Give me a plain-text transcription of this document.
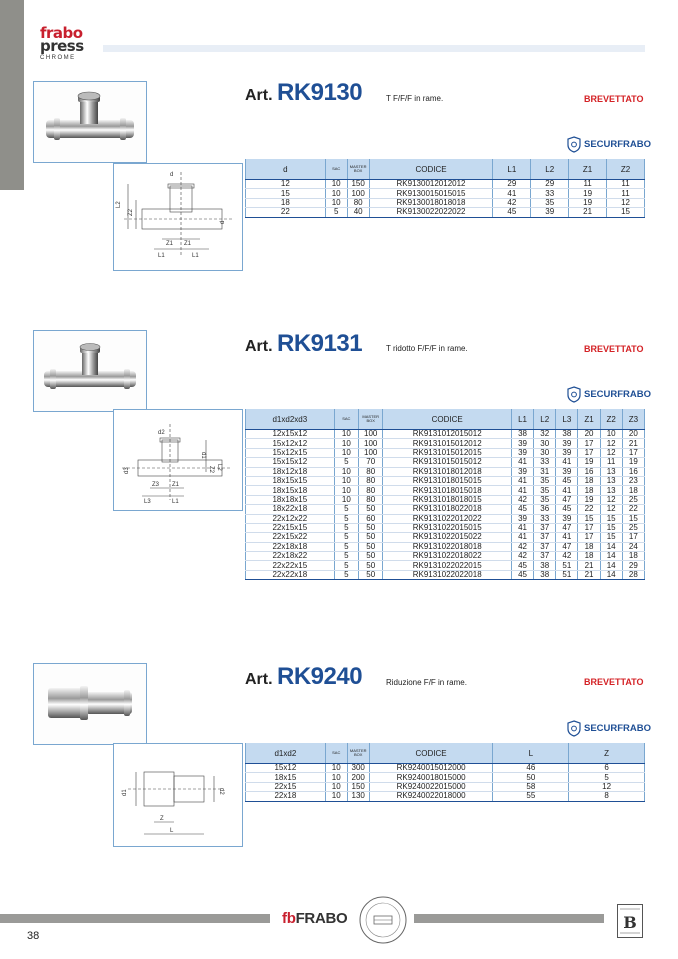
frabo
press
CHROME
d
L2
Z2
d
Z1 Z1
L1	L1
Art. RK9130	T F/F/F in rame.	BREVETTATO
SECURFRABO
d	SAC	MASTER BOX	CODICE	L1	L2	Z1	Z2
12	10	150	RK9130012012012	29	29	11	11
15	10	100	RK9130015015015	41	33	19	11
18	10	80	RK9130018018018	42	35	19	12
22	5	40	RK9130022022022	45	39	21	15
d2
L2
Z2
d1
d3
Z3 Z1
L3	L1
Art. RK9131	T ridotto F/F/F in rame.	BREVETTATO
SECURFRABO
d1xd2xd3	SAC	MASTER BOX	CODICE	L1	L2	L3	Z1	Z2	Z3
12x15x12	10	100	RK9131012015012	38	32	38	20	10	20
15x12x12	10	100	RK9131015012012	39	30	39	17	12	21
15x12x15	10	100	RK9131015012015	39	30	39	17	12	17
15x15x12	5	70	RK9131015015012	41	33	41	19	11	19
18x12x18	10	80	RK9131018012018	39	31	39	16	13	16
18x15x15	10	80	RK9131018015015	41	35	45	18	13	23
18x15x18	10	80	RK9131018015018	41	35	41	18	13	18
18x18x15	10	80	RK9131018018015	42	35	47	19	12	25
18x22x18	5	50	RK9131018022018	45	36	45	22	12	22
22x12x22	5	60	RK9131022012022	39	33	39	15	15	15
22x15x15	5	50	RK9131022015015	41	37	47	17	15	25
22x15x22	5	50	RK9131022015022	41	37	41	17	15	17
22x18x18	5	50	RK9131022018018	42	37	47	18	14	24
22x18x22	5	50	RK9131022018022	42	37	42	18	14	18
22x22x15	5	50	RK9131022022015	45	38	51	21	14	29
22x22x18	5	50	RK9131022022018	45	38	51	21	14	28
d1	d2
Z
L
Art. RK9240	Riduzione F/F in rame.	BREVETTATO
SECURFRABO
d1xd2	SAC	MASTER BOX	CODICE	L	Z
15x12	10	300	RK9240015012000	46	6
18x15	10	200	RK9240018015000	50	5
22x15	10	150	RK9240022015000	58	12
22x18	10	130	RK9240022018000	55	8
fbFRABO	B
38
